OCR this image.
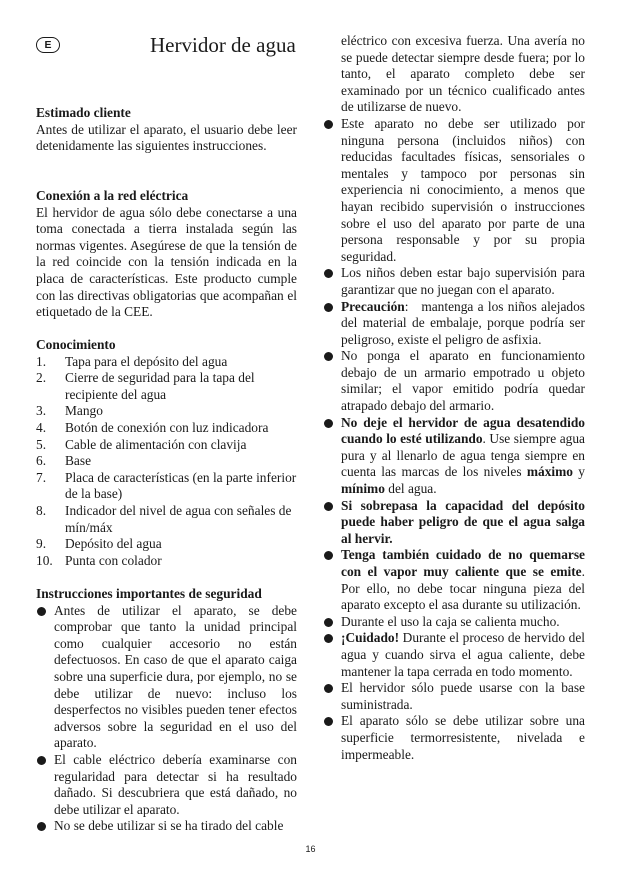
E	Hervidor de agua

Estimado cliente

Antes de utilizar el aparato, el usuario debe leer detenidamente las siguientes instrucciones.

Conexión a la red eléctrica

El hervidor de agua sólo debe conectarse a una toma conectada a tierra instalada según las normas vigentes. Asegúrese de que la tensión de la red coincide con la tensión indicada en la placa de características. Este producto cumple con las directivas obligatorias que acompañan el etiquetado de la CEE.

Conocimiento

1. Tapa para el depósito del agua
2. Cierre de seguridad para la tapa del recipiente del agua
3. Mango
4. Botón de conexión con luz indicadora
5. Cable de alimentación con clavija
6. Base
7. Placa de características (en la parte inferior de la base)
8. Indicador del nivel de agua con señales de mín/máx
9. Depósito del agua
10. Punta con colador

Instrucciones importantes de seguridad

Antes de utilizar el aparato, se debe comprobar que tanto la unidad principal como cualquier accesorio no están defectuosos. En caso de que el aparato caiga sobre una superficie dura, por ejemplo, no se debe utilizar de nuevo: incluso los desperfectos no visibles pueden tener efectos adversos sobre la seguridad en el uso del aparato.
El cable eléctrico debería examinarse con regularidad para detectar si ha resultado dañado. Si descubriera que está dañado, no debe utilizar el aparato.
No se debe utilizar si se ha tirado del cable

eléctrico con excesiva fuerza. Una avería no se puede detectar siempre desde fuera; por lo tanto, el aparato completo debe ser examinado por un técnico cualificado antes de utilizarse de nuevo.

Este aparato no debe ser utilizado por ninguna persona (incluidos niños) con reducidas facultades físicas, sensoriales o mentales y tampoco por personas sin experiencia ni conocimiento, a menos que hayan recibido supervisión o instrucciones sobre el uso del aparato por parte de una persona responsable y por su propia seguridad.
Los niños deben estar bajo supervisión para garantizar que no juegan con el aparato.
Precaución:   mantenga a los niños alejados del material de embalaje, porque podría ser peligroso, existe el peligro de asfixia.
No ponga el aparato en funcionamiento debajo de un armario empotrado u objeto similar; el vapor emitido podría quedar atrapado debajo del armario.
No deje el hervidor de agua desatendido cuando lo esté utilizando. Use siempre agua pura y al llenarlo de agua tenga siempre en cuenta las marcas de los niveles máximo y mínimo del agua.
Si sobrepasa la capacidad del depósito puede haber peligro de que el agua salga al hervir.
Tenga también cuidado de no quemarse con el vapor muy caliente que se emite. Por ello, no debe tocar ninguna pieza del aparato excepto el asa durante su utilización.
Durante el uso la caja se calienta mucho.
¡Cuidado! Durante el proceso de hervido del agua y cuando sirva el agua caliente, debe mantener la tapa cerrada en todo momento.
El hervidor sólo puede usarse con la base suministrada.
El aparato sólo se debe utilizar sobre una superficie termorresistente, nivelada e impermeable.
16
